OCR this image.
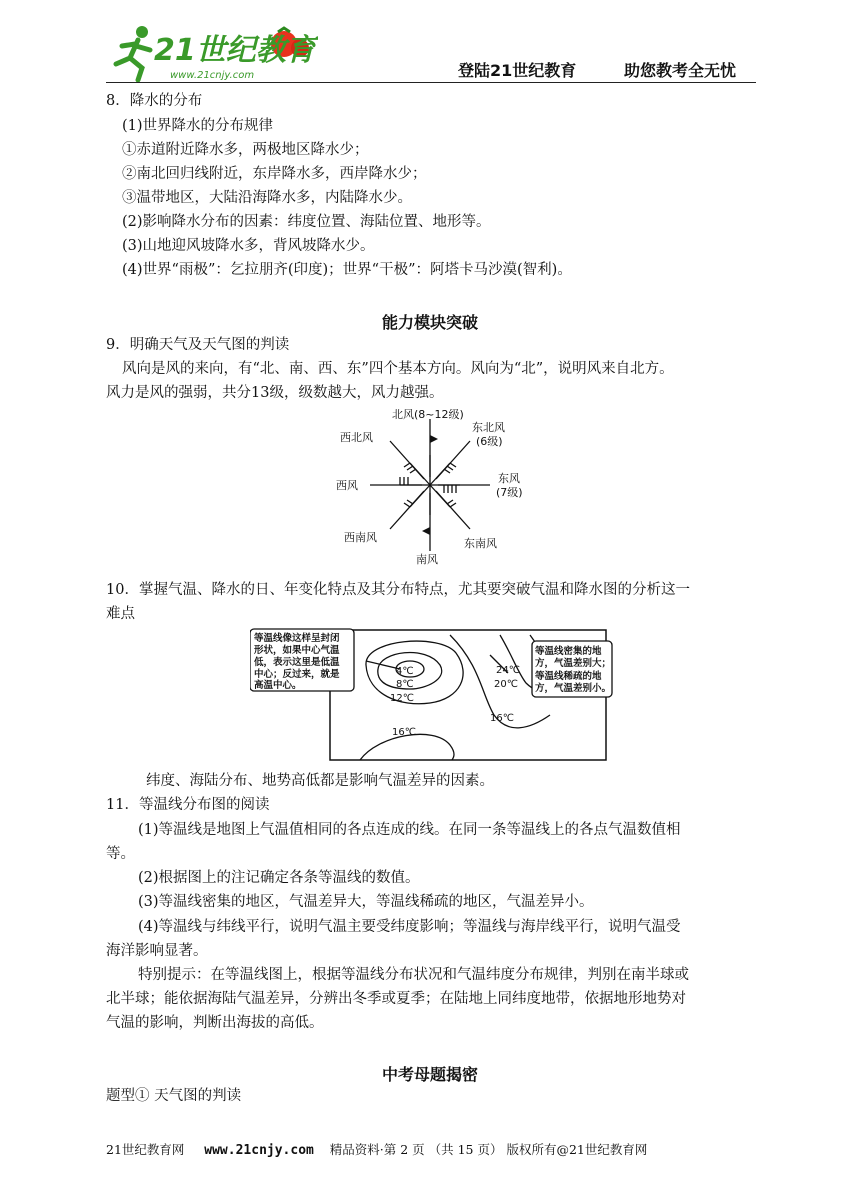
21世纪教育
www.21cnjy.com	登陆21世纪教育	助您教考全无忧
8．降水的分布
(1)世界降水的分布规律
①赤道附近降水多，两极地区降水少；
②南北回归线附近，东岸降水多，西岸降水少；
③温带地区，大陆沿海降水多，内陆降水少。
(2)影响降水分布的因素：纬度位置、海陆位置、地形等。
(3)山地迎风坡降水多，背风坡降水少。
(4)世界“雨极”：乞拉朋齐(印度)；世界“干极”：阿塔卡马沙漠(智利)。
能力模块突破
9．明确天气及天气图的判读
风向是风的来向，有“北、南、西、东”四个基本方向。风向为“北”，说明风来自北方。
风力是风的强弱，共分13级，级数越大，风力越强。
北风(8~12级)
东北风
(6级)
东风
(7级)
东南风
南风
西南风
西风
西北风
10．掌握气温、降水的日、年变化特点及其分布特点，尤其要突破气温和降水图的分析这一
难点
4℃
8℃
12℃
16℃
16℃
20℃
24℃
等温线像这样呈封闭
形状，如果中心气温
低，表示这里是低温
中心；反过来，就是
高温中心。
等温线密集的地
方，气温差别大；
等温线稀疏的地
方，气温差别小。
纬度、海陆分布、地势高低都是影响气温差异的因素。
11．等温线分布图的阅读
(1)等温线是地图上气温值相同的各点连成的线。在同一条等温线上的各点气温数值相
等。
(2)根据图上的注记确定各条等温线的数值。
(3)等温线密集的地区，气温差异大，等温线稀疏的地区，气温差异小。
(4)等温线与纬线平行，说明气温主要受纬度影响；等温线与海岸线平行，说明气温受
海洋影响显著。
特别提示：在等温线图上，根据等温线分布状况和气温纬度分布规律，判别在南半球或
北半球；能依据海陆气温差异，分辨出冬季或夏季；在陆地上同纬度地带，依据地形地势对
气温的影响，判断出海拔的高低。
中考母题揭密
题型① 天气图的判读
21世纪教育网 www.21cnjy.com 精品资料·第 2 页 （共 15 页） 版权所有@21世纪教育网
